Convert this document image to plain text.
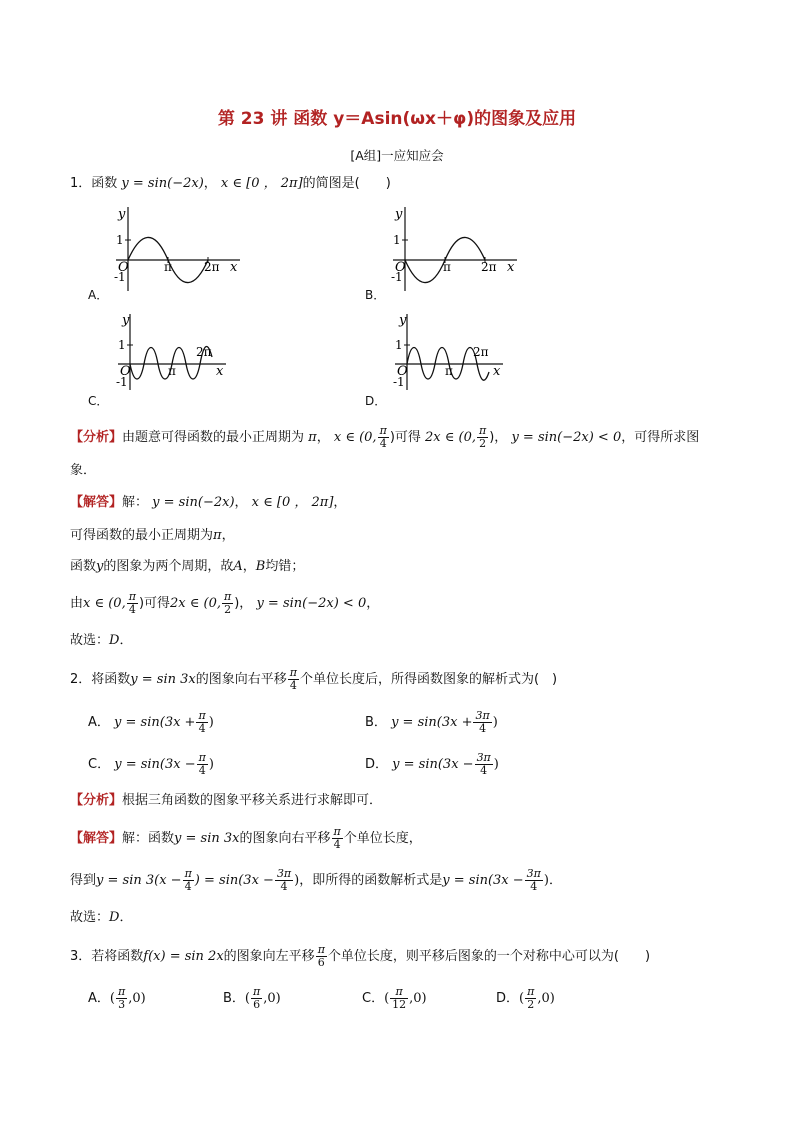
第 23 讲 函数 y＝Asin(ωx＋φ)的图象及应用
[A组]一应知应会
1．函数 y = sin(−2x)， x ∈ [0 ， 2π]的简图是(　　)
y
1
-1
O	π	2π x
A．
y
1
-1
O	π	2π x
B．
y
1
-1
O	π
2π
x
C．
y
1
-1
O	π
2π
x
D．
【分析】由题意可得函数的最小正周期为 π， x ∈ (0, $\frac{\pi}{4}$ )可得 2x ∈ (0, $\frac{\pi}{2}$ )， y = sin(−2x) < 0，可得所求图
象．
【解答】解： y = sin(−2x)， x ∈ [0 ， 2π]，
可得函数的最小正周期为π，
函数y的图象为两个周期，故A，B均错；
由x ∈ (0, $\frac{\pi}{4}$ )可得2x ∈ (0, $\frac{\pi}{2}$ )， y = sin(−2x) < 0，
故选：D．
2．将函数y = sin 3x的图象向右平移 $\frac{\pi}{4}$ 个单位长度后，所得函数图象的解析式为(　)
A． $y = \sin(3x + \frac{\pi}{4}$ )	B． $y = \sin(3x + \frac{3\pi}{4}$ )
C． $y = \sin(3x - \frac{\pi}{4}$ )	D． $y = \sin(3x - \frac{3\pi}{4}$ )
【分析】根据三角函数的图象平移关系进行求解即可．
【解答】解：函数y = sin 3x的图象向右平移 $\frac{\pi}{4}$ 个单位长度，
得到$y = \sin 3(x - \frac{\pi}{4}$ ) = $\sin(3x - \frac{3\pi}{4}$ )，即所得的函数解析式是$y = \sin(3x - \frac{3\pi}{4}$ )．
故选：D．
3．若将函数f(x) = sin 2x的图象向左平移 $\frac{\pi}{6}$ 个单位长度，则平移后图象的一个对称中心可以为(　　)
A．( $\frac{\pi}{3} ,0$)	B．( $\frac{\pi}{6} ,0$)	C．( $\frac{\pi}{12} ,0$)	D．( $\frac{\pi}{2} ,0$)
